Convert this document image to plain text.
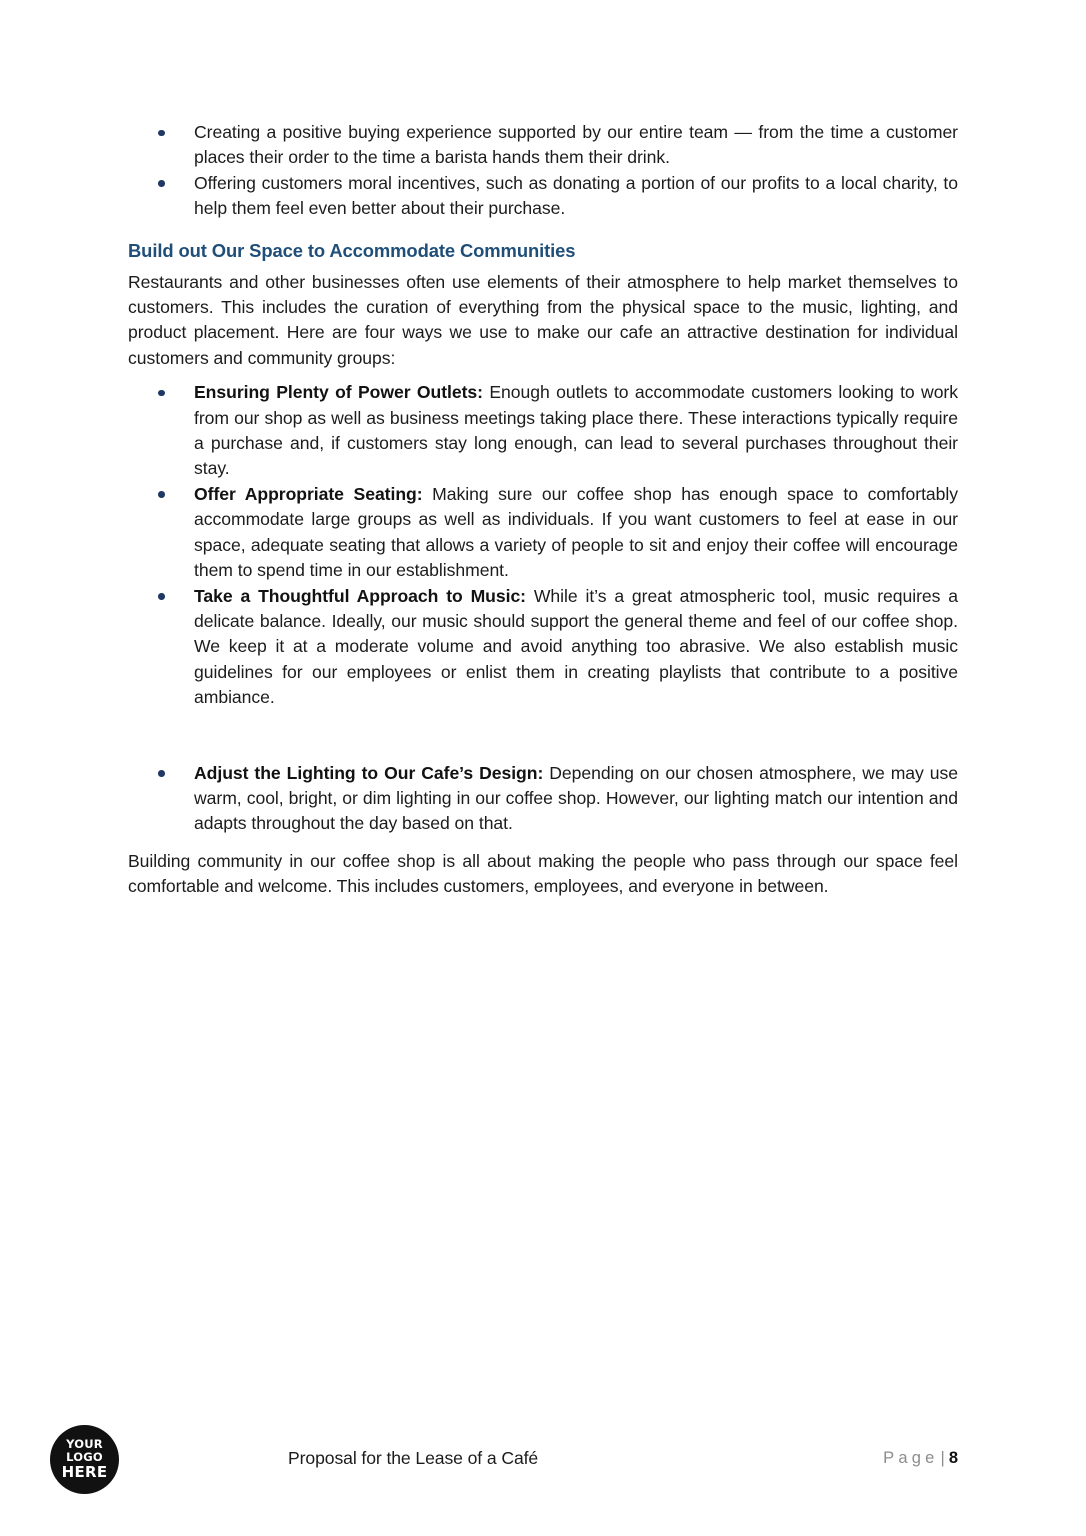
Creating a positive buying experience supported by our entire team — from the time a customer places their order to the time a barista hands them their drink.
Offering customers moral incentives, such as donating a portion of our profits to a local charity, to help them feel even better about their purchase.
Build out Our Space to Accommodate Communities

Restaurants and other businesses often use elements of their atmosphere to help market themselves to customers. This includes the curation of everything from the physical space to the music, lighting, and product placement. Here are four ways we use to make our cafe an attractive destination for individual customers and community groups:

Ensuring Plenty of Power Outlets: Enough outlets to accommodate customers looking to work from our shop as well as business meetings taking place there. These interactions typically require a purchase and, if customers stay long enough, can lead to several purchases throughout their stay.
Offer Appropriate Seating: Making sure our coffee shop has enough space to comfortably accommodate large groups as well as individuals. If you want customers to feel at ease in our space, adequate seating that allows a variety of people to sit and enjoy their coffee will encourage them to spend time in our establishment.
Take a Thoughtful Approach to Music: While it’s a great atmospheric tool, music requires a delicate balance. Ideally, our music should support the general theme and feel of our coffee shop. We keep it at a moderate volume and avoid anything too abrasive. We also establish music guidelines for our employees or enlist them in creating playlists that contribute to a positive ambiance.
Adjust the Lighting to Our Cafe’s Design: Depending on our chosen atmosphere, we may use warm, cool, bright, or dim lighting in our coffee shop. However, our lighting match our intention and adapts throughout the day based on that.

Building community in our coffee shop is all about making the people who pass through our space feel comfortable and welcome. This includes customers, employees, and everyone in between.

YOUR
LOGO
HERE
Proposal for the Lease of a Café	Page | 8
